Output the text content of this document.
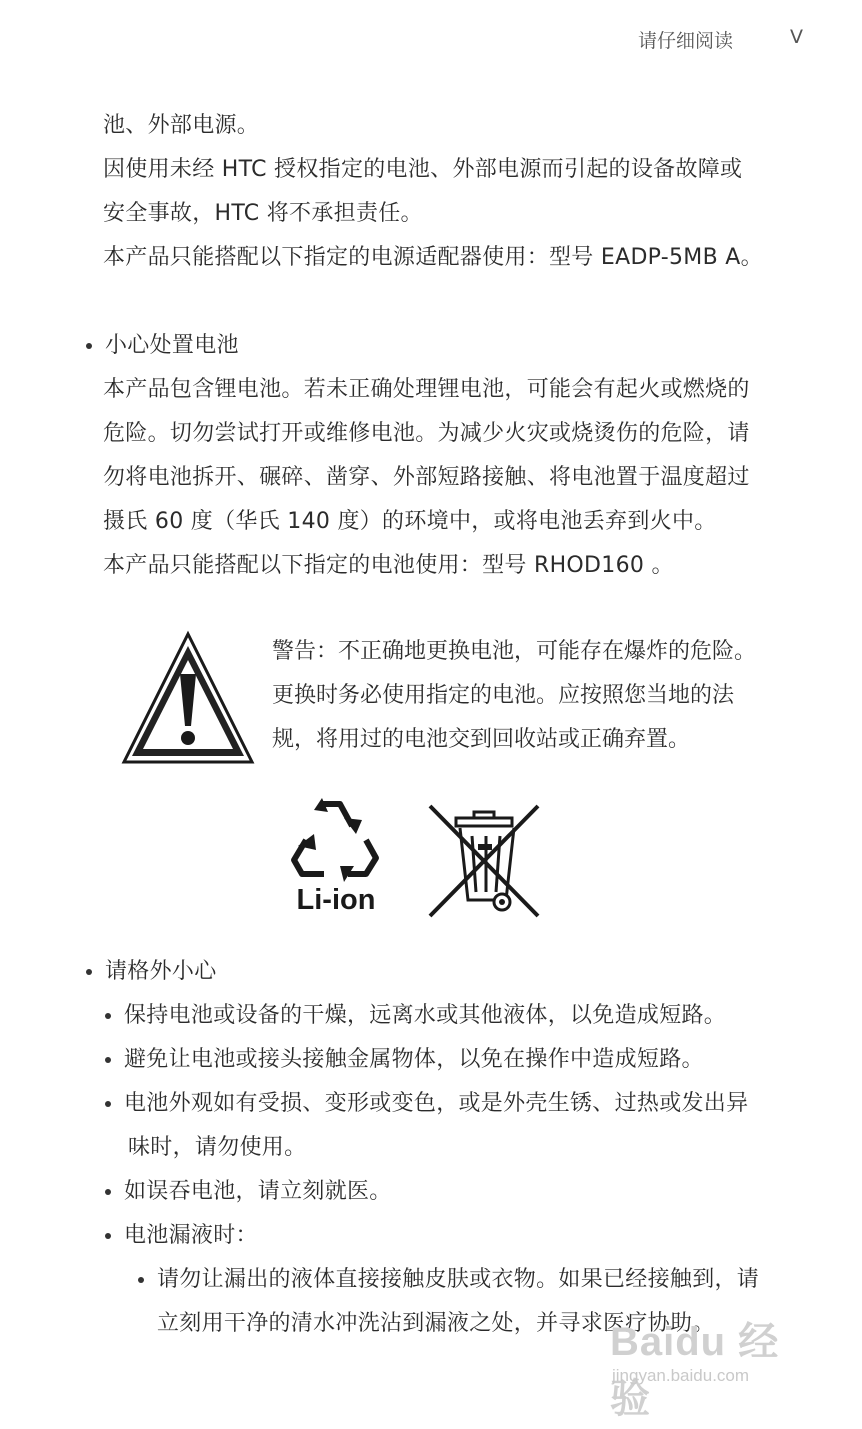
请仔细阅读	V
池、外部电源。
因使用未经 HTC 授权指定的电池、外部电源而引起的设备故障或
安全事故，HTC 将不承担责任。
本产品只能搭配以下指定的电源适配器使用：型号 EADP-5MB A。
小心处置电池
本产品包含锂电池。若未正确处理锂电池，可能会有起火或燃烧的
危险。切勿尝试打开或维修电池。为减少火灾或烧烫伤的危险，请
勿将电池拆开、碾碎、凿穿、外部短路接触、将电池置于温度超过
摄氏 60 度（华氏 140 度）的环境中，或将电池丢弃到火中。
本产品只能搭配以下指定的电池使用：型号 RHOD160 。
警告：不正确地更换电池，可能存在爆炸的危险。
更换时务必使用指定的电池。应按照您当地的法
规，将用过的电池交到回收站或正确弃置。
Li-ion
请格外小心
保持电池或设备的干燥，远离水或其他液体，以免造成短路。
避免让电池或接头接触金属物体，以免在操作中造成短路。
电池外观如有受损、变形或变色，或是外壳生锈、过热或发出异
味时，请勿使用。
如误吞电池，请立刻就医。
电池漏液时：
请勿让漏出的液体直接接触皮肤或衣物。如果已经接触到，请
立刻用干净的清水冲洗沾到漏液之处，并寻求医疗协助。
Baidu 经验
jingyan.baidu.com
